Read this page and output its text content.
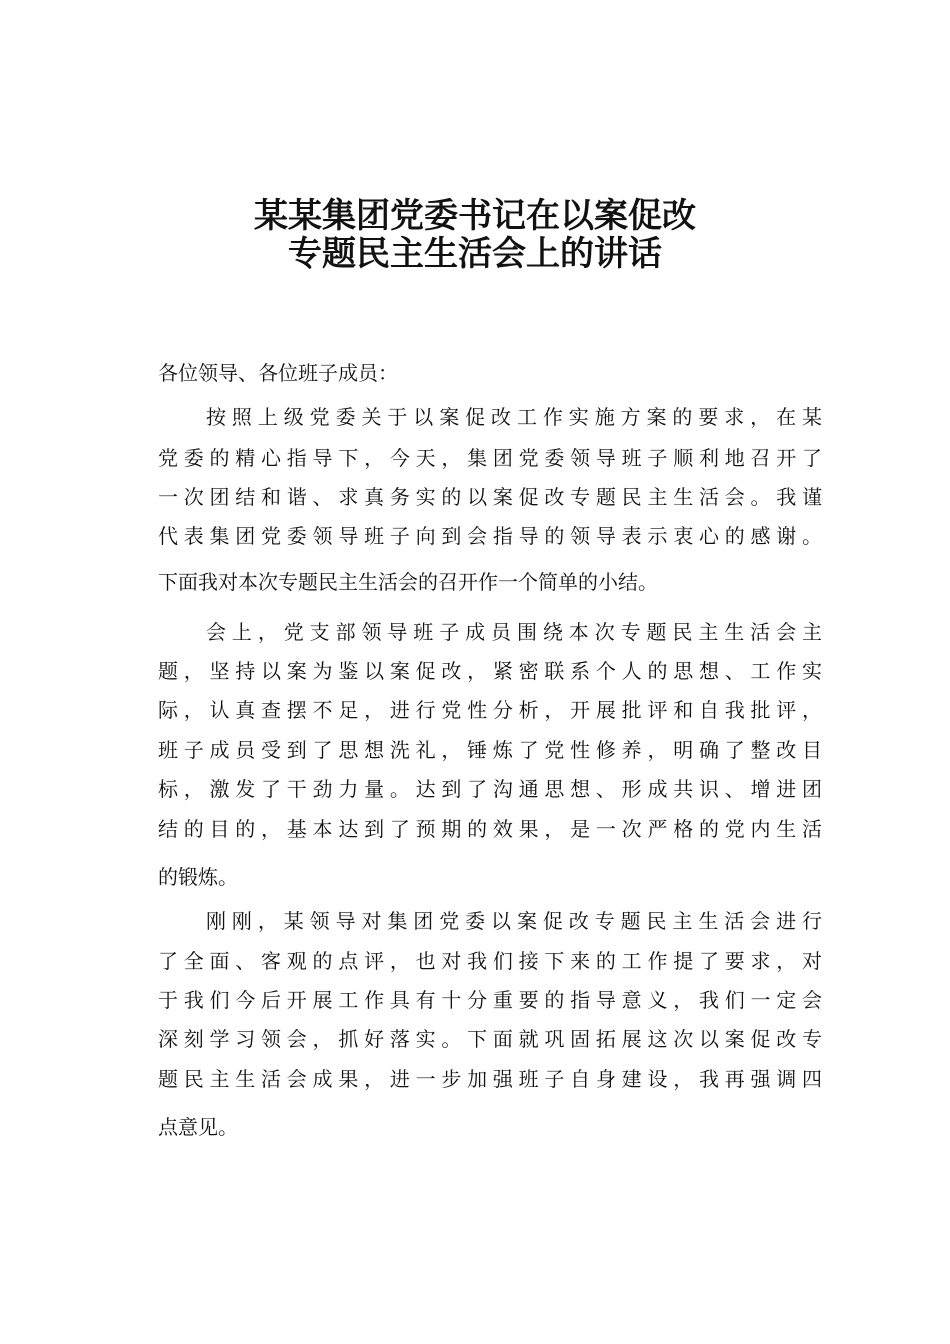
某某集团党委书记在以案促改
专题民主生活会上的讲话
各位领导、各位班子成员：
按照上级党委关于以案促改工作实施方案的要求，在某
党委的精心指导下，今天，集团党委领导班子顺利地召开了
一次团结和谐、求真务实的以案促改专题民主生活会。我谨
代表集团党委领导班子向到会指导的领导表示衷心的感谢。
下面我对本次专题民主生活会的召开作一个简单的小结。
会上，党支部领导班子成员围绕本次专题民主生活会主
题，坚持以案为鉴以案促改，紧密联系个人的思想、工作实
际，认真查摆不足，进行党性分析，开展批评和自我批评，
班子成员受到了思想洗礼，锤炼了党性修养，明确了整改目
标，激发了干劲力量。达到了沟通思想、形成共识、增进团
结的目的，基本达到了预期的效果，是一次严格的党内生活
的锻炼。
刚刚，某领导对集团党委以案促改专题民主生活会进行
了全面、客观的点评，也对我们接下来的工作提了要求，对
于我们今后开展工作具有十分重要的指导意义，我们一定会
深刻学习领会，抓好落实。下面就巩固拓展这次以案促改专
题民主生活会成果，进一步加强班子自身建设，我再强调四
点意见。
